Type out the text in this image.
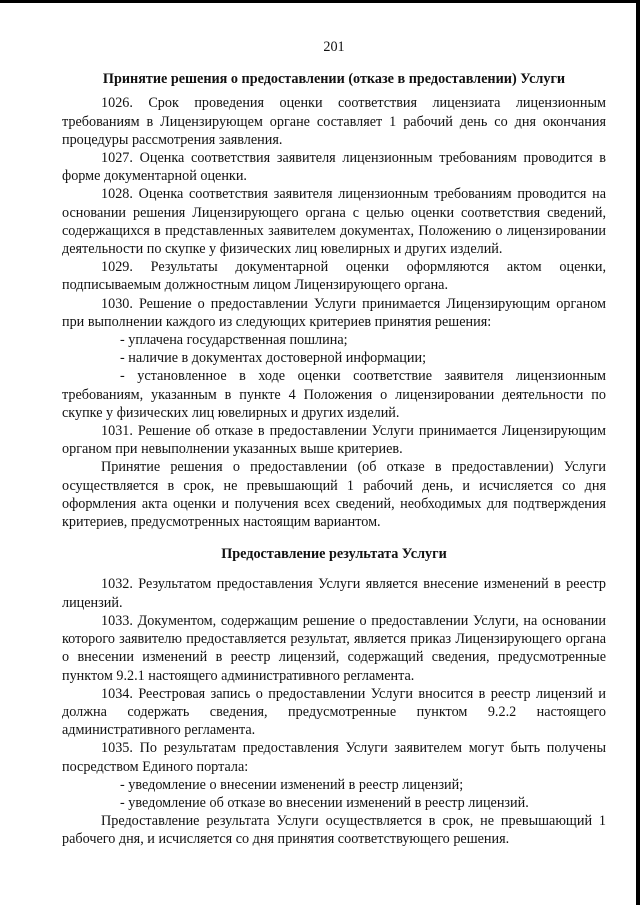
201
Принятие решения о предоставлении (отказе в предоставлении) Услуги

1026. Срок проведения оценки соответствия лицензиата лицензионным требованиям в Лицензирующем органе составляет 1 рабочий день со дня окончания процедуры рассмотрения заявления.

1027. Оценка соответствия заявителя лицензионным требованиям проводится в форме документарной оценки.

1028. Оценка соответствия заявителя лицензионным требованиям проводится на основании решения Лицензирующего органа с целью оценки соответствия сведений, содержащихся в представленных заявителем документах, Положению о лицензировании деятельности по скупке у физических лиц ювелирных и других изделий.

1029. Результаты документарной оценки оформляются актом оценки, подписываемым должностным лицом Лицензирующего органа.

1030. Решение о предоставлении Услуги принимается Лицензирующим органом при выполнении каждого из следующих критериев принятия решения:

- уплачена государственная пошлина;
- наличие в документах достоверной информации;
- установленное в ходе оценки соответствие заявителя лицензионным требованиям, указанным в пункте 4 Положения о лицензировании деятельности по скупке у физических лиц ювелирных и других изделий.

1031. Решение об отказе в предоставлении Услуги принимается Лицензирующим органом при невыполнении указанных выше критериев.

Принятие решения о предоставлении (об отказе в предоставлении) Услуги осуществляется в срок, не превышающий 1 рабочий день, и исчисляется со дня оформления акта оценки и получения всех сведений, необходимых для подтверждения критериев, предусмотренных настоящим вариантом.

Предоставление результата Услуги

1032. Результатом предоставления Услуги является внесение изменений в реестр лицензий.

1033. Документом, содержащим решение о предоставлении Услуги, на основании которого заявителю предоставляется результат, является приказ Лицензирующего органа о внесении изменений в реестр лицензий, содержащий сведения, предусмотренные пунктом 9.2.1 настоящего административного регламента.

1034. Реестровая запись о предоставлении Услуги вносится в реестр лицензий и должна содержать сведения, предусмотренные пунктом 9.2.2 настоящего административного регламента.

1035. По результатам предоставления Услуги заявителем могут быть получены посредством Единого портала:

- уведомление о внесении изменений в реестр лицензий;
- уведомление об отказе во внесении изменений в реестр лицензий.

Предоставление результата Услуги осуществляется в срок, не превышающий 1 рабочего дня, и исчисляется со дня принятия соответствующего решения.
